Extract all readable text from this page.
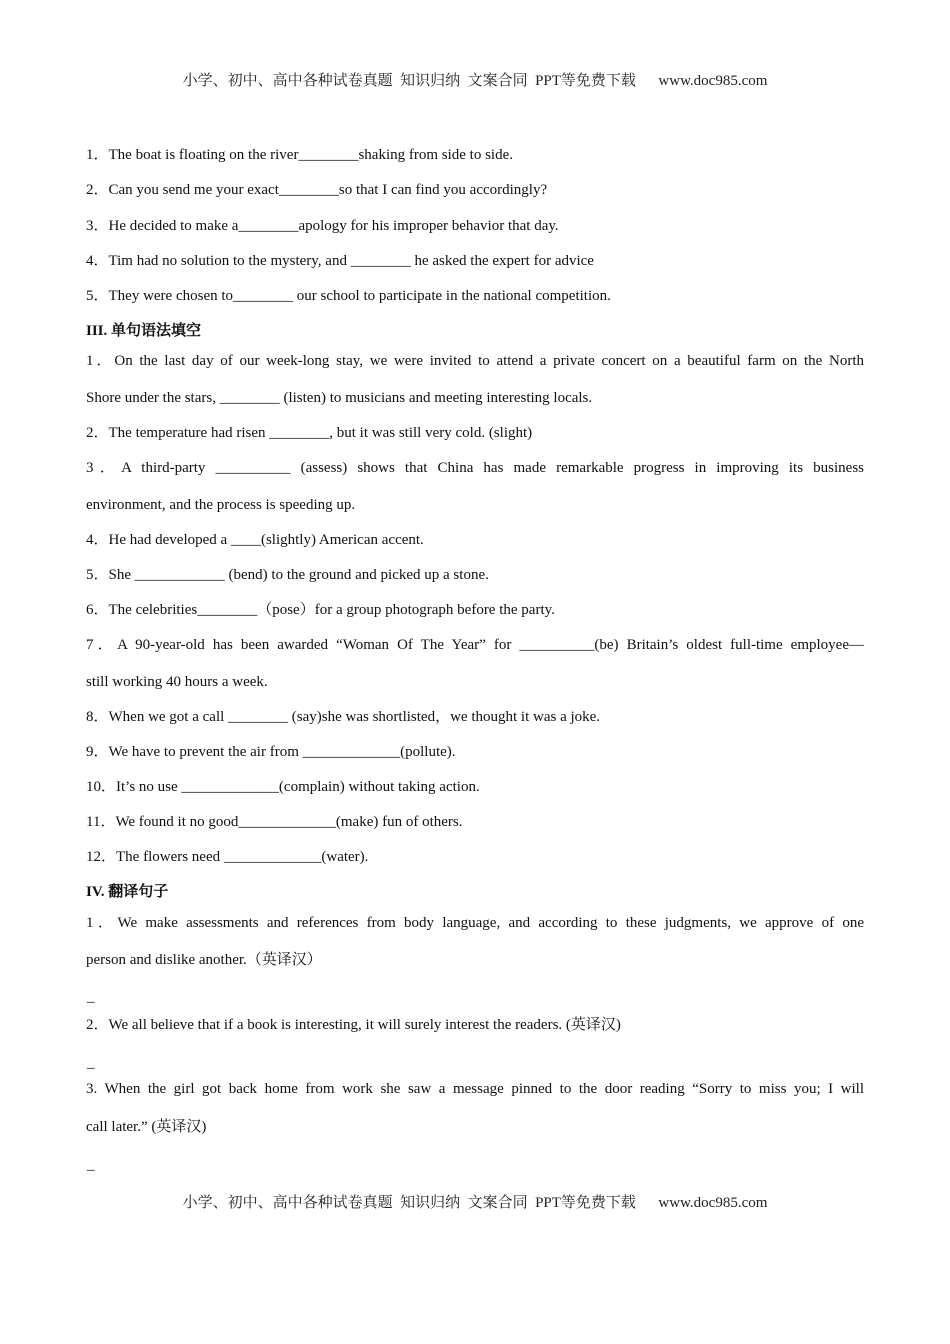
小学、初中、高中各种试卷真题  知识归纳  文案合同  PPT等免费下载      www.doc985.com
1．The boat is floating on the river________shaking from side to side.
2．Can you send me your exact________so that I can find you accordingly?
3．He decided to make a________apology for his improper behavior that day.
4．Tim had no solution to the mystery, and ________ he asked the expert for advice
5．They were chosen to________ our school to participate in the national competition.
III. 单句语法填空
1．On the last day of our week-long stay, we were invited to attend a private concert on a beautiful farm on the North
Shore under the stars, ________ (listen) to musicians and meeting interesting locals.
2．The temperature had risen ________, but it was still very cold. (slight)
3．A third-party __________ (assess) shows that China has made remarkable progress in improving its business
environment, and the process is speeding up.
4．He had developed a ____(slightly) American accent.
5．She ____________ (bend) to the ground and picked up a stone.
6．The celebrities________（pose）for a group photograph before the party.
7．A 90-year-old has been awarded “Woman Of The Year” for __________(be) Britain’s oldest full-time employee—
still working 40 hours a week.
8．When we got a call ________ (say)she was shortlisted，we thought it was a joke.
9．We have to prevent the air from _____________(pollute).
10．It’s no use _____________(complain) without taking action.
11．We found it no good_____________(make) fun of others.
12．The flowers need _____________(water).
IV. 翻译句子
1．We make assessments and references from body language, and according to these judgments, we approve of one
person and dislike another.（英译汉）
_
2．We all believe that if a book is interesting, it will surely interest the readers. (英译汉)
_
3. When the girl got back home from work she saw a message pinned to the door reading “Sorry to miss you; I will
call later.” (英译汉)
_
小学、初中、高中各种试卷真题  知识归纳  文案合同  PPT等免费下载      www.doc985.com
